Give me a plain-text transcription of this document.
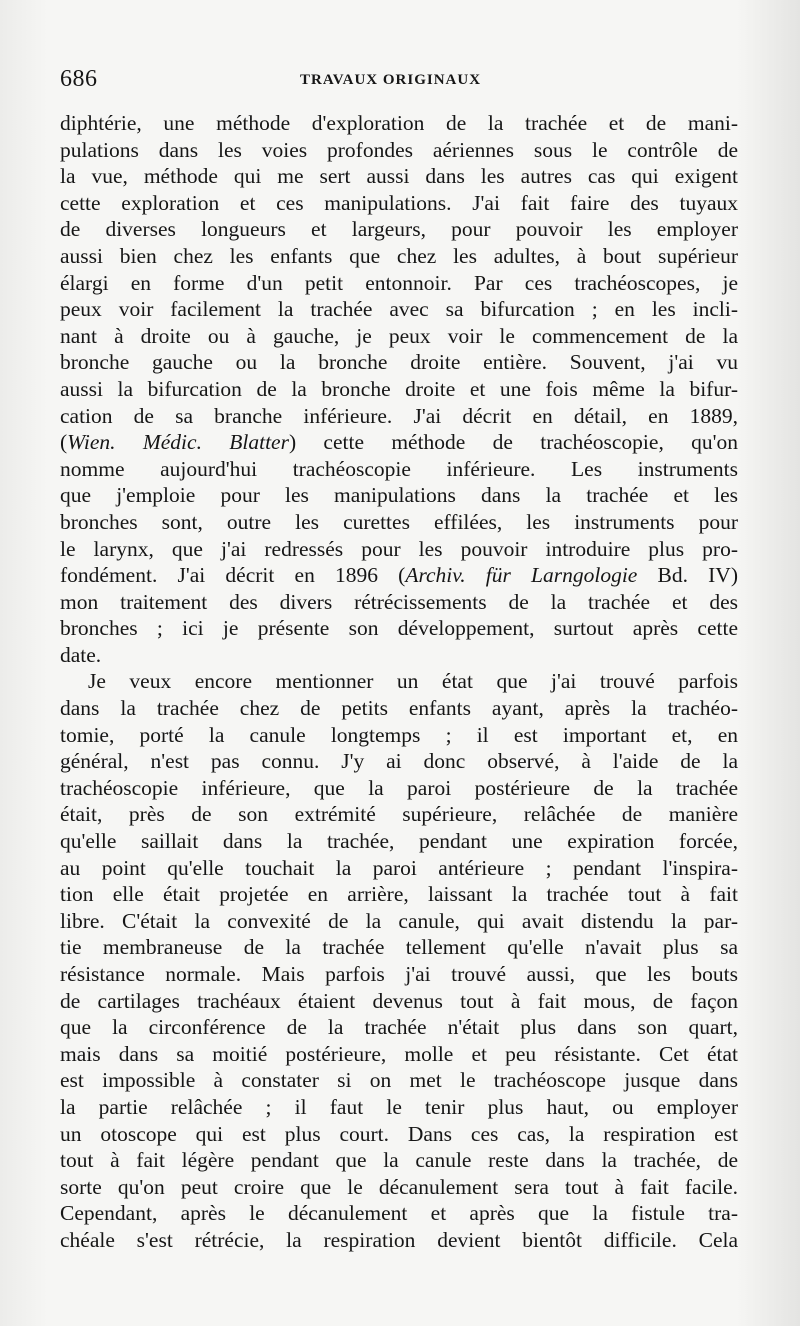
686	TRAVAUX ORIGINAUX
diphtérie, une méthode d'exploration de la trachée et de mani-
pulations dans les voies profondes aériennes sous le contrôle de
la vue, méthode qui me sert aussi dans les autres cas qui exigent
cette exploration et ces manipulations. J'ai fait faire des tuyaux
de diverses longueurs et largeurs, pour pouvoir les employer
aussi bien chez les enfants que chez les adultes, à bout supérieur
élargi en forme d'un petit entonnoir. Par ces trachéoscopes, je
peux voir facilement la trachée avec sa bifurcation ; en les incli-
nant à droite ou à gauche, je peux voir le commencement de la
bronche gauche ou la bronche droite entière. Souvent, j'ai vu
aussi la bifurcation de la bronche droite et une fois même la bifur-
cation de sa branche inférieure. J'ai décrit en détail, en 1889,
(Wien. Médic. Blatter) cette méthode de trachéoscopie, qu'on
nomme aujourd'hui trachéoscopie inférieure. Les instruments
que j'emploie pour les manipulations dans la trachée et les
bronches sont, outre les curettes effilées, les instruments pour
le larynx, que j'ai redressés pour les pouvoir introduire plus pro-
fondément. J'ai décrit en 1896 (Archiv. für Larngologie Bd. IV)
mon traitement des divers rétrécissements de la trachée et des
bronches ; ici je présente son développement, surtout après cette
date.
Je veux encore mentionner un état que j'ai trouvé parfois
dans la trachée chez de petits enfants ayant, après la trachéo-
tomie, porté la canule longtemps ; il est important et, en
général, n'est pas connu. J'y ai donc observé, à l'aide de la
trachéoscopie inférieure, que la paroi postérieure de la trachée
était, près de son extrémité supérieure, relâchée de manière
qu'elle saillait dans la trachée, pendant une expiration forcée,
au point qu'elle touchait la paroi antérieure ; pendant l'inspira-
tion elle était projetée en arrière, laissant la trachée tout à fait
libre. C'était la convexité de la canule, qui avait distendu la par-
tie membraneuse de la trachée tellement qu'elle n'avait plus sa
résistance normale. Mais parfois j'ai trouvé aussi, que les bouts
de cartilages trachéaux étaient devenus tout à fait mous, de façon
que la circonférence de la trachée n'était plus dans son quart,
mais dans sa moitié postérieure, molle et peu résistante. Cet état
est impossible à constater si on met le trachéoscope jusque dans
la partie relâchée ; il faut le tenir plus haut, ou employer
un otoscope qui est plus court. Dans ces cas, la respiration est
tout à fait légère pendant que la canule reste dans la trachée, de
sorte qu'on peut croire que le décanulement sera tout à fait facile.
Cependant, après le décanulement et après que la fistule tra-
chéale s'est rétrécie, la respiration devient bientôt difficile. Cela
